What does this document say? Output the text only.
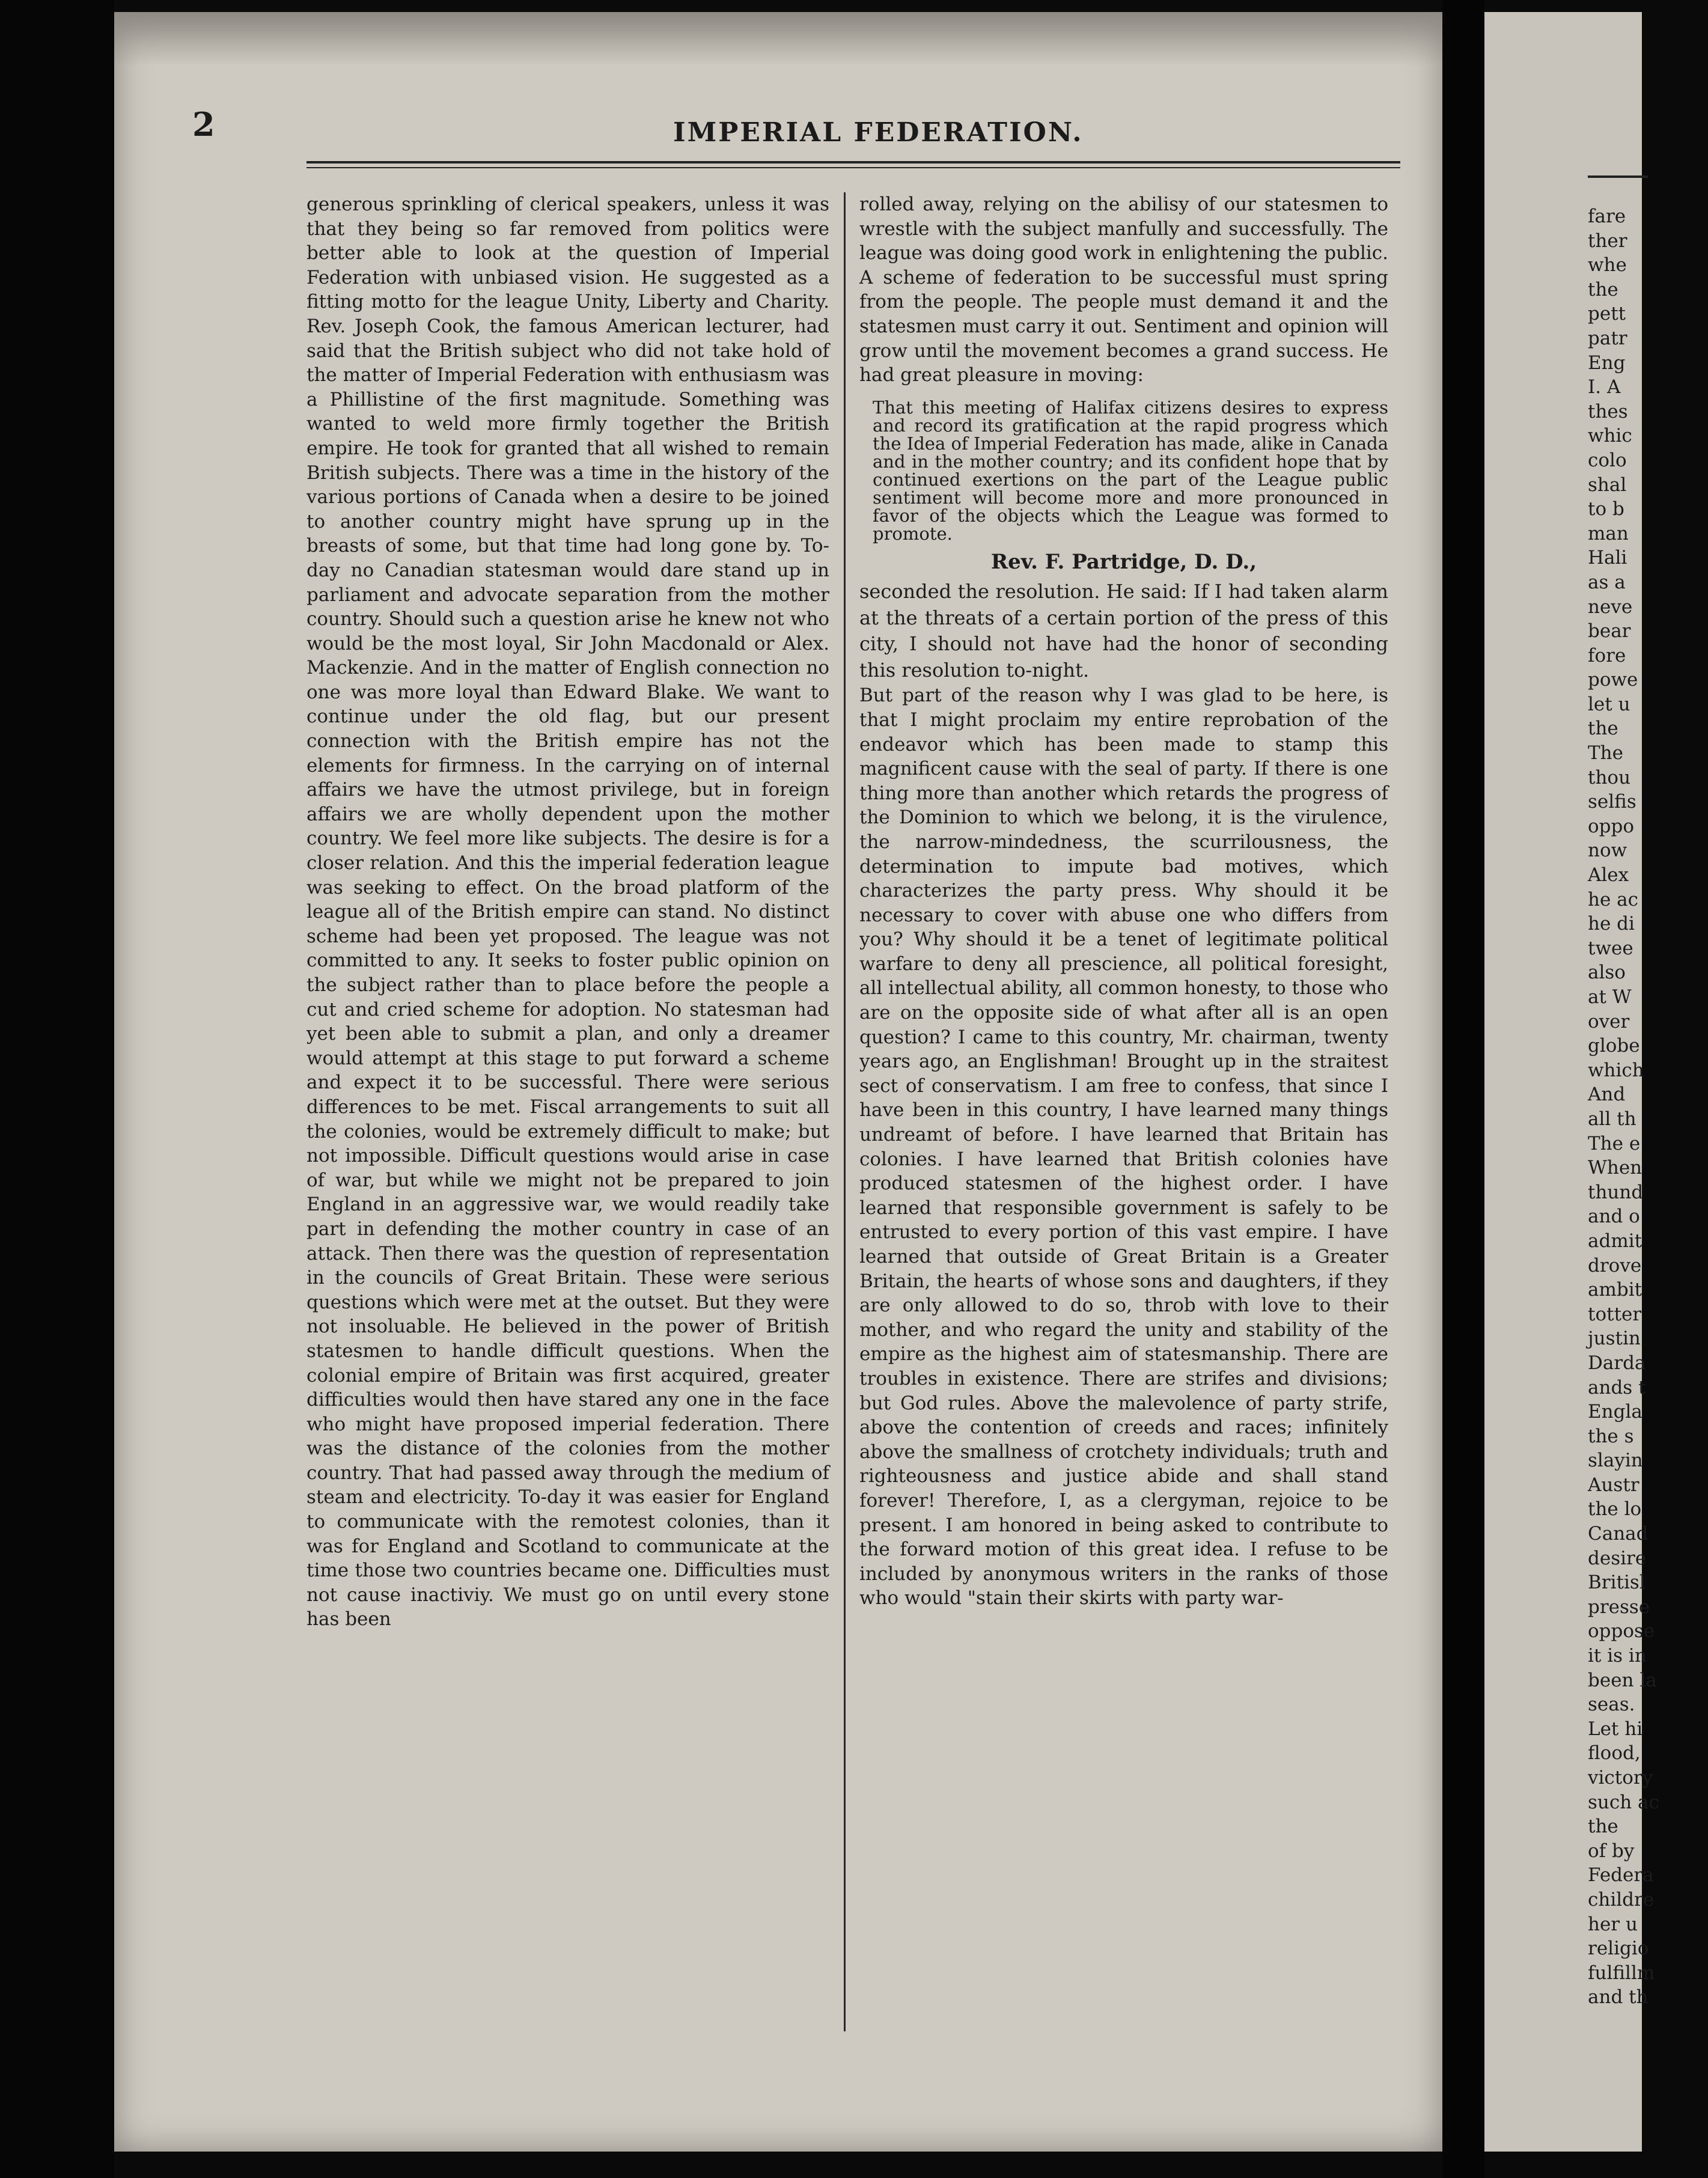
2	IMPERIAL FEDERATION.

generous sprinkling of clerical speakers, unless it was that they being so far removed from politics were better able to look at the question of Imperial Federation with unbiased vision. He suggested as a fitting motto for the league Unity, Liberty and Charity. Rev. Joseph Cook, the famous American lecturer, had said that the British subject who did not take hold of the matter of Imperial Federation with enthusiasm was a Phillistine of the first magnitude. Something was wanted to weld more firmly together the British empire. He took for granted that all wished to remain British subjects. There was a time in the history of the various portions of Canada when a desire to be joined to another country might have sprung up in the breasts of some, but that time had long gone by. To-day no Canadian statesman would dare stand up in parliament and advocate separation from the mother country. Should such a question arise he knew not who would be the most loyal, Sir John Macdonald or Alex. Mackenzie. And in the matter of English connection no one was more loyal than Edward Blake. We want to continue under the old flag, but our present connection with the British empire has not the elements for firmness. In the carrying on of internal affairs we have the utmost privilege, but in foreign affairs we are wholly dependent upon the mother country. We feel more like subjects. The desire is for a closer relation. And this the imperial federation league was seeking to effect. On the broad platform of the league all of the British empire can stand. No distinct scheme had been yet proposed. The league was not committed to any. It seeks to foster public opinion on the subject rather than to place before the people a cut and cried scheme for adoption. No statesman had yet been able to submit a plan, and only a dreamer would attempt at this stage to put forward a scheme and expect it to be successful. There were serious differences to be met. Fiscal arrangements to suit all the colonies, would be extremely difficult to make; but not impossible. Difficult questions would arise in case of war, but while we might not be prepared to join England in an aggressive war, we would readily take part in defending the mother country in case of an attack. Then there was the question of representation in the councils of Great Britain. These were serious questions which were met at the outset. But they were not insoluable. He believed in the power of British statesmen to handle difficult questions. When the colonial empire of Britain was first acquired, greater difficulties would then have stared any one in the face who might have proposed imperial federation. There was the distance of the colonies from the mother country. That had passed away through the medium of steam and electricity. To-day it was easier for England to communicate with the remotest colonies, than it was for England and Scotland to communicate at the time those two countries became one. Difficulties must not cause inactiviy. We must go on until every stone has been

rolled away, relying on the abilisy of our statesmen to wrestle with the subject manfully and successfully. The league was doing good work in enlightening the public. A scheme of federation to be successful must spring from the people. The people must demand it and the statesmen must carry it out. Sentiment and opinion will grow until the movement becomes a grand success. He had great pleasure in moving:

That this meeting of Halifax citizens desires to express and record its gratification at the rapid progress which the Idea of Imperial Federation has made, alike in Canada and in the mother country; and its confident hope that by continued exertions on the part of the League public sentiment will become more and more pronounced in favor of the objects which the League was formed to promote.

Rev. F. Partridge, D. D.,

seconded the resolution. He said: If I had taken alarm at the threats of a certain portion of the press of this city, I should not have had the honor of seconding this resolution to-night.

But part of the reason why I was glad to be here, is that I might proclaim my entire reprobation of the endeavor which has been made to stamp this magnificent cause with the seal of party. If there is one thing more than another which retards the progress of the Dominion to which we belong, it is the virulence, the narrow-mindedness, the scurrilousness, the determination to impute bad motives, which characterizes the party press. Why should it be necessary to cover with abuse one who differs from you? Why should it be a tenet of legitimate political warfare to deny all prescience, all political foresight, all intellectual ability, all common honesty, to those who are on the opposite side of what after all is an open question? I came to this country, Mr. chairman, twenty years ago, an Englishman! Brought up in the straitest sect of conservatism. I am free to confess, that since I have been in this country, I have learned many things undreamt of before. I have learned that Britain has colonies. I have learned that British colonies have produced statesmen of the highest order. I have learned that responsible government is safely to be entrusted to every portion of this vast empire. I have learned that outside of Great Britain is a Greater Britain, the hearts of whose sons and daughters, if they are only allowed to do so, throb with love to their mother, and who regard the unity and stability of the empire as the highest aim of statesmanship. There are troubles in existence. There are strifes and divisions; but God rules. Above the malevolence of party strife, above the contention of creeds and races; infinitely above the smallness of crotchety individuals; truth and righteousness and justice abide and shall stand forever! Therefore, I, as a clergyman, rejoice to be present. I am honored in being asked to contribute to the forward motion of this great idea. I refuse to be included by anonymous writers in the ranks of those who would "stain their skirts with party war-

fare
ther
whe
the
pett
patr
Eng
I. A
thes
whic
colo
shal
to b
man
Hali
as a
neve
bear
fore
powe
let u
the
The
thou
selfis
oppo
now
Alex
he ac
he di
twee
also
at W
over
globe
which
And
all th
The e
When
thund
and o
admit
drove
ambit
totter
justin
Darda
ands t
Engla
the s
slayin
Austr
the lo
Canad
desire
Britisl
presse
oppose
it is in
been la
seas.
Let hi
flood,
victory
such ac
the
of by
Federa
childre
her u
religio
fulfillm
and th
